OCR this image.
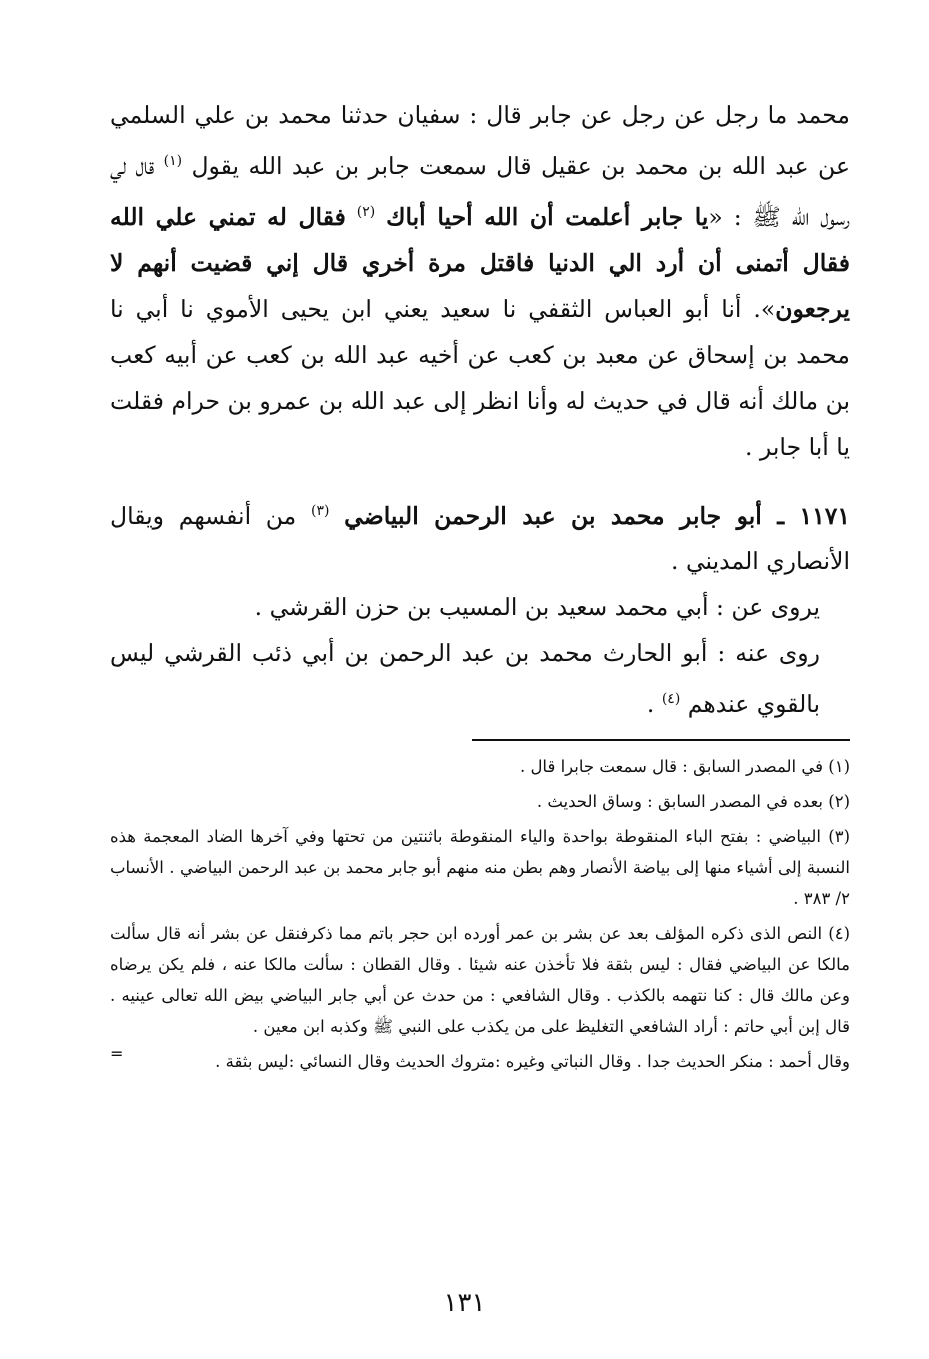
محمد ما رجل عن رجل عن جابر قال : سفيان حدثنا محمد بن علي السلمي عن عبد الله بن محمد بن عقيل قال سمعت جابر بن عبد الله يقول $^{(١)}$ قال لي رسول الله ﷺ : «يا جابر أعلمت أن الله أحيا أباك $^{(٢)}$ فقال له تمني علي الله فقال أتمنى أن أرد الي الدنيا فاقتل مرة أخري قال إني قضيت أنهم لا يرجعون». أنا أبو العباس الثقفي نا سعيد يعني ابن يحيى الأموي نا أبي نا محمد بن إسحاق عن معبد بن كعب عن أخيه عبد الله بن كعب عن أبيه كعب بن مالك أنه قال في حديث له وأنا انظر إلى عبد الله بن عمرو بن حرام فقلت يا أبا جابر .

١١٧١ ـ أبو جابر محمد بن عبد الرحمن البياضي $^{(٣)}$ من أنفسهم ويقال الأنصاري المديني .

يروى عن : أبي محمد سعيد بن المسيب بن حزن القرشي .

روى عنه : أبو الحارث محمد بن عبد الرحمن بن أبي ذئب القرشي ليس بالقوي عندهم $^{(٤)}$ .

(١) في المصدر السابق : قال سمعت جابرا قال .

(٢) بعده في المصدر السابق : وساق الحديث .

(٣) البياضي : بفتح الباء المنقوطة بواحدة والياء المنقوطة باثنتين من تحتها وفي آخرها الضاد المعجمة هذه النسبة إلى أشياء منها إلى بياضة الأنصار وهم بطن منه منهم أبو جابر محمد بن عبد الرحمن البياضي . الأنساب ٢/ ٣٨٣ .

(٤) النص الذى ذكره المؤلف بعد عن بشر بن عمر أورده ابن حجر باتم مما ذكرفنقل عن بشر أنه قال سألت مالكا عن البياضي فقال : ليس بثقة فلا تأخذن عنه شيئا . وقال القطان : سألت مالكا عنه ، فلم يكن يرضاه وعن مالك قال : كنا نتهمه بالكذب . وقال الشافعي : من حدث عن أبي جابر البياضي بيض الله تعالى عينيه . قال إبن أبي حاتم : أراد الشافعي التغليظ على من يكذب على النبي ﷺ وكذبه ابن معين .

وقال أحمد : منكر الحديث جدا . وقال النباتي وغيره :متروك الحديث وقال النسائي :ليس بثقة .
=

١٣١
